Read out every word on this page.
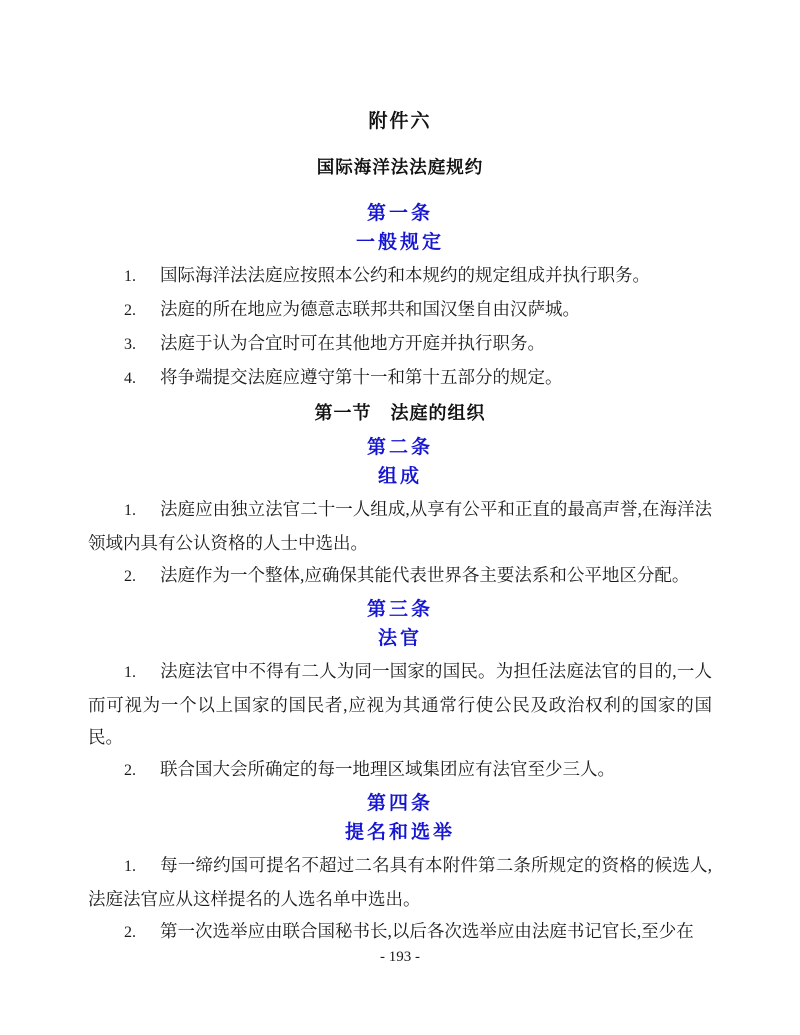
附件六

国际海洋法法庭规约

第一条

一般规定

1. 国际海洋法法庭应按照本公约和本规约的规定组成并执行职务。

2. 法庭的所在地应为德意志联邦共和国汉堡自由汉萨城。

3. 法庭于认为合宜时可在其他地方开庭并执行职务。

4. 将争端提交法庭应遵守第十一和第十五部分的规定。

第一节　法庭的组织

第二条

组成

1. 法庭应由独立法官二十一人组成,从享有公平和正直的最高声誉,在海洋法领域内具有公认资格的人士中选出。

2. 法庭作为一个整体,应确保其能代表世界各主要法系和公平地区分配。

第三条

法官

1. 法庭法官中不得有二人为同一国家的国民。为担任法庭法官的目的,一人而可视为一个以上国家的国民者,应视为其通常行使公民及政治权利的国家的国民。

2. 联合国大会所确定的每一地理区域集团应有法官至少三人。

第四条

提名和选举

1. 每一缔约国可提名不超过二名具有本附件第二条所规定的资格的候选人,法庭法官应从这样提名的人选名单中选出。

2. 第一次选举应由联合国秘书长,以后各次选举应由法庭书记官长,至少在

- 193 -
